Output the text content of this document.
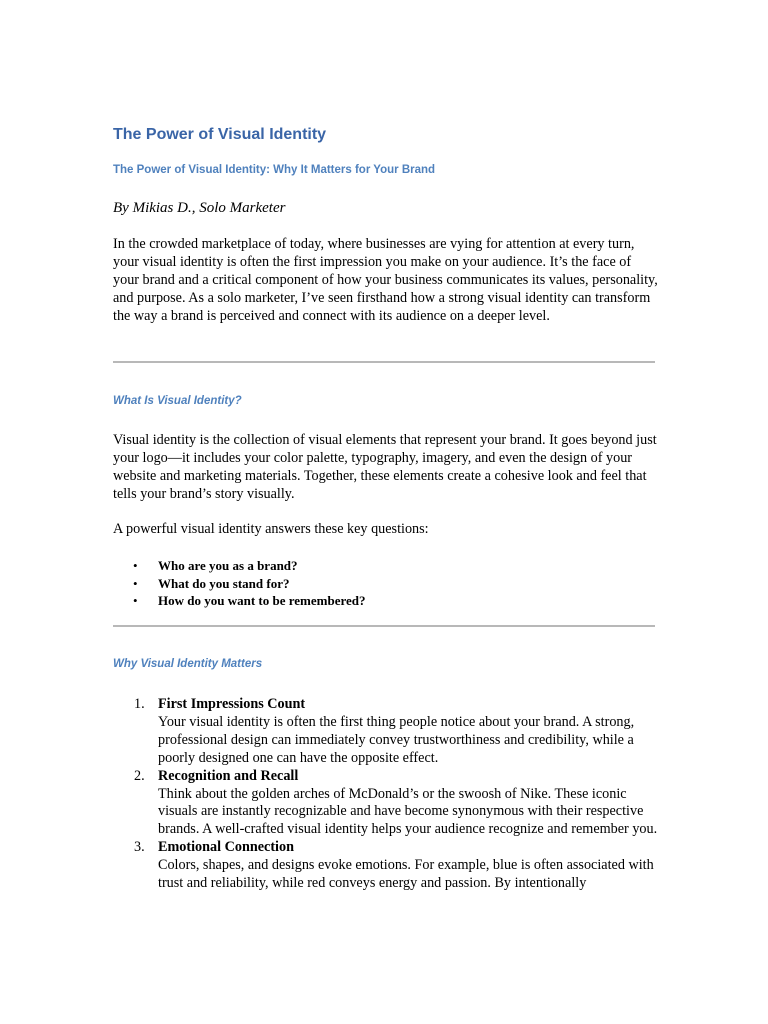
The Power of Visual Identity
The Power of Visual Identity: Why It Matters for Your Brand

By Mikias D., Solo Marketer

In the crowded marketplace of today, where businesses are vying for attention at every turn, your visual identity is often the first impression you make on your audience. It’s the face of your brand and a critical component of how your business communicates its values, personality, and purpose. As a solo marketer, I’ve seen firsthand how a strong visual identity can transform the way a brand is perceived and connect with its audience on a deeper level.

What Is Visual Identity?

Visual identity is the collection of visual elements that represent your brand. It goes beyond just your logo—it includes your color palette, typography, imagery, and even the design of your website and marketing materials. Together, these elements create a cohesive look and feel that tells your brand’s story visually.

A powerful visual identity answers these key questions:

• Who are you as a brand?
• What do you stand for?
• How do you want to be remembered?
Why Visual Identity Matters
1. First Impressions Count
Your visual identity is often the first thing people notice about your brand. A strong, professional design can immediately convey trustworthiness and credibility, while a poorly designed one can have the opposite effect.
2. Recognition and Recall
Think about the golden arches of McDonald’s or the swoosh of Nike. These iconic visuals are instantly recognizable and have become synonymous with their respective brands. A well-crafted visual identity helps your audience recognize and remember you.
3. Emotional Connection
Colors, shapes, and designs evoke emotions. For example, blue is often associated with trust and reliability, while red conveys energy and passion. By intentionally
